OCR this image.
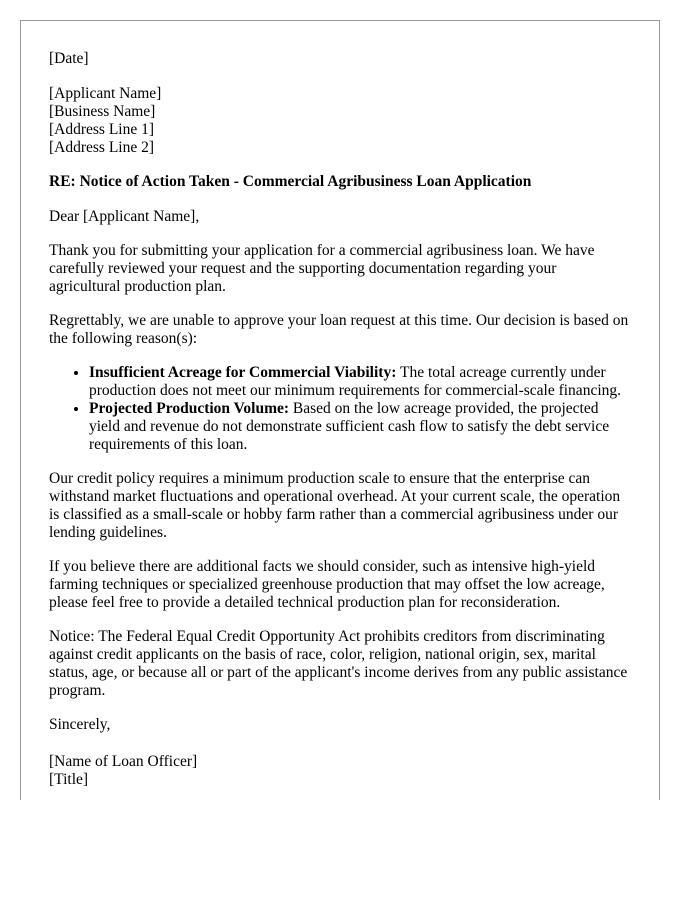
[Date]

[Applicant Name]
[Business Name]
[Address Line 1]
[Address Line 2]

RE: Notice of Action Taken - Commercial Agribusiness Loan Application

Dear [Applicant Name],

Thank you for submitting your application for a commercial agribusiness loan. We have carefully reviewed your request and the supporting documentation regarding your agricultural production plan.

Regrettably, we are unable to approve your loan request at this time. Our decision is based on the following reason(s):

• Insufficient Acreage for Commercial Viability: The total acreage currently under production does not meet our minimum requirements for commercial-scale financing.
• Projected Production Volume: Based on the low acreage provided, the projected yield and revenue do not demonstrate sufficient cash flow to satisfy the debt service requirements of this loan.

Our credit policy requires a minimum production scale to ensure that the enterprise can withstand market fluctuations and operational overhead. At your current scale, the operation is classified as a small-scale or hobby farm rather than a commercial agribusiness under our lending guidelines.

If you believe there are additional facts we should consider, such as intensive high-yield farming techniques or specialized greenhouse production that may offset the low acreage, please feel free to provide a detailed technical production plan for reconsideration.

Notice: The Federal Equal Credit Opportunity Act prohibits creditors from discriminating against credit applicants on the basis of race, color, religion, national origin, sex, marital status, age, or because all or part of the applicant's income derives from any public assistance program.

Sincerely,

[Name of Loan Officer]
[Title]
